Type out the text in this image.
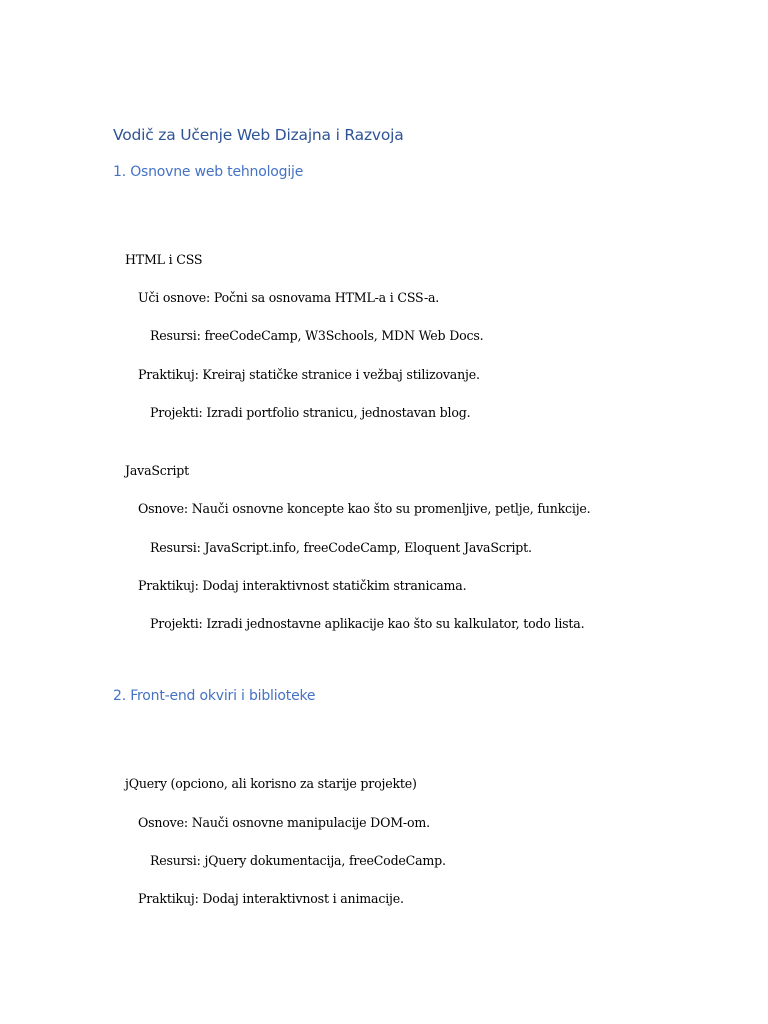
Vodič za Učenje Web Dizajna i Razvoja
1. Osnovne web tehnologije
HTML i CSS
Uči osnove: Počni sa osnovama HTML-a i CSS-a.
Resursi: freeCodeCamp, W3Schools, MDN Web Docs.
Praktikuj: Kreiraj statičke stranice i vežbaj stilizovanje.
Projekti: Izradi portfolio stranicu, jednostavan blog.
JavaScript
Osnove: Nauči osnovne koncepte kao što su promenljive, petlje, funkcije.
Resursi: JavaScript.info, freeCodeCamp, Eloquent JavaScript.
Praktikuj: Dodaj interaktivnost statičkim stranicama.
Projekti: Izradi jednostavne aplikacije kao što su kalkulator, todo lista.
2. Front-end okviri i biblioteke
jQuery (opciono, ali korisno za starije projekte)
Osnove: Nauči osnovne manipulacije DOM-om.
Resursi: jQuery dokumentacija, freeCodeCamp.
Praktikuj: Dodaj interaktivnost i animacije.
